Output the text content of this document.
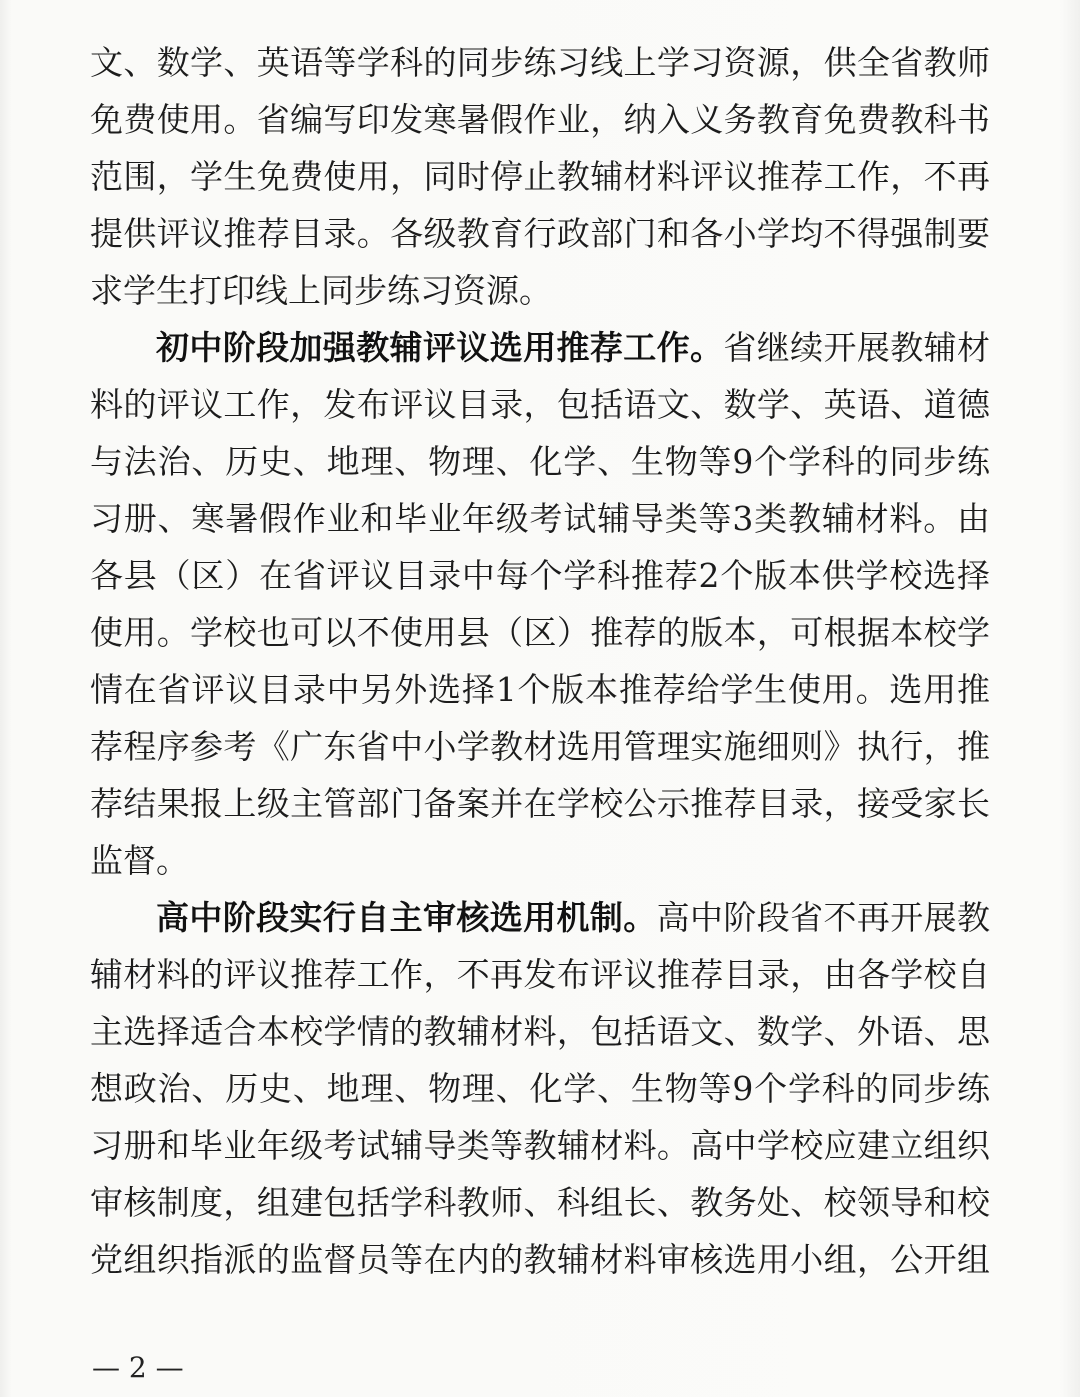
文、数学、英语等学科的同步练习线上学习资源，供全省教师
免费使用。省编写印发寒暑假作业，纳入义务教育免费教科书
范围，学生免费使用，同时停止教辅材料评议推荐工作，不再
提供评议推荐目录。各级教育行政部门和各小学均不得强制要
求学生打印线上同步练习资源。
初中阶段加强教辅评议选用推荐工作。省继续开展教辅材
料的评议工作，发布评议目录，包括语文、数学、英语、道德
与法治、历史、地理、物理、化学、生物等9个学科的同步练
习册、寒暑假作业和毕业年级考试辅导类等3类教辅材料。由
各县（区）在省评议目录中每个学科推荐2个版本供学校选择
使用。学校也可以不使用县（区）推荐的版本，可根据本校学
情在省评议目录中另外选择1个版本推荐给学生使用。选用推
荐程序参考《广东省中小学教材选用管理实施细则》执行，推
荐结果报上级主管部门备案并在学校公示推荐目录，接受家长
监督。
高中阶段实行自主审核选用机制。高中阶段省不再开展教
辅材料的评议推荐工作，不再发布评议推荐目录，由各学校自
主选择适合本校学情的教辅材料，包括语文、数学、外语、思
想政治、历史、地理、物理、化学、生物等9个学科的同步练
习册和毕业年级考试辅导类等教辅材料。高中学校应建立组织
审核制度，组建包括学科教师、科组长、教务处、校领导和校
党组织指派的监督员等在内的教辅材料审核选用小组，公开组
— 2 —
